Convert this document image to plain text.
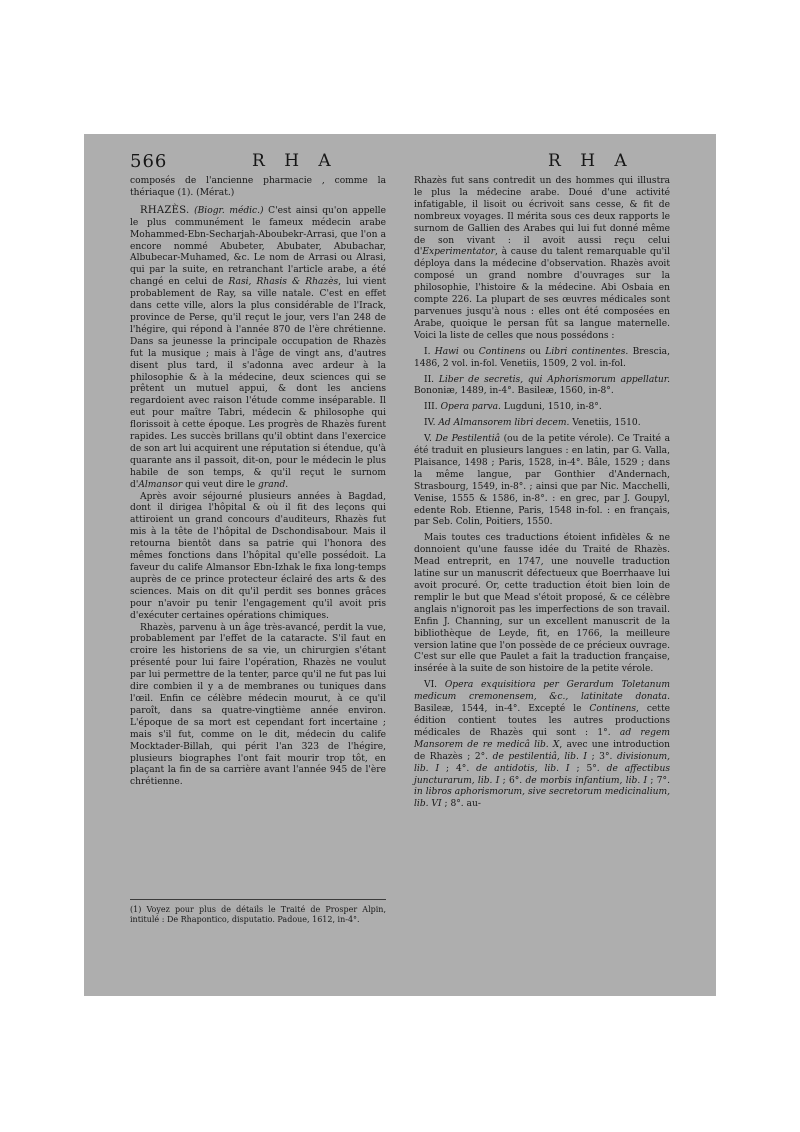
566	R H A	R H A

composés de l'ancienne pharmacie , comme la thériaque (1). (Mérat.)

RHAZÈS. (Biogr. médic.) C'est ainsi qu'on appelle le plus communément le fameux médecin arabe Mohammed-Ebn-Secharjah-Aboubekr-Arrasi, que l'on a encore nommé Abubeter, Abubater, Abubachar, Albubecar-Muhamed, &c. Le nom de Arrasi ou Alrasi, qui par la suite, en retranchant l'article arabe, a été changé en celui de Rasi, Rhasis & Rhazès, lui vient probablement de Ray, sa ville natale. C'est en effet dans cette ville, alors la plus considérable de l'Irack, province de Perse, qu'il reçut le jour, vers l'an 248 de l'hégire, qui répond à l'année 870 de l'ère chrétienne. Dans sa jeunesse la principale occupation de Rhazès fut la musique ; mais à l'âge de vingt ans, d'autres disent plus tard, il s'adonna avec ardeur à la philosophie & à la médecine, deux sciences qui se prêtent un mutuel appui, & dont les anciens regardoient avec raison l'étude comme inséparable. Il eut pour maître Tabri, médecin & philosophe qui florissoit à cette époque. Les progrès de Rhazès furent rapides. Les succès brillans qu'il obtint dans l'exercice de son art lui acquirent une réputation si étendue, qu'à quarante ans il passoit, dit-on, pour le médecin le plus habile de son temps, & qu'il reçut le surnom d'Almansor qui veut dire le grand.

Après avoir séjourné plusieurs années à Bagdad, dont il dirigea l'hôpital & où il fit des leçons qui attiroient un grand concours d'auditeurs, Rhazès fut mis à la tête de l'hôpital de Dschondisabour. Mais il retourna bientôt dans sa patrie qui l'honora des mêmes fonctions dans l'hôpital qu'elle possédoit. La faveur du calife Almansor Ebn-Izhak le fixa long-temps auprès de ce prince protecteur éclairé des arts & des sciences. Mais on dit qu'il perdit ses bonnes grâces pour n'avoir pu tenir l'engagement qu'il avoit pris d'exécuter certaines opérations chimiques.

Rhazès, parvenu à un âge très-avancé, perdit la vue, probablement par l'effet de la cataracte. S'il faut en croire les historiens de sa vie, un chirurgien s'étant présenté pour lui faire l'opération, Rhazès ne voulut par lui permettre de la tenter, parce qu'il ne fut pas lui dire combien il y a de membranes ou tuniques dans l'œil. Enfin ce célèbre médecin mourut, à ce qu'il paroît, dans sa quatre-vingtième année environ. L'époque de sa mort est cependant fort incertaine ; mais s'il fut, comme on le dit, médecin du calife Mocktader-Billah, qui périt l'an 323 de l'hégire, plusieurs biographes l'ont fait mourir trop tôt, en plaçant la fin de sa carrière avant l'année 945 de l'ère chrétienne.

Rhazès fut sans contredit un des hommes qui illustra le plus la médecine arabe. Doué d'une activité infatigable, il lisoit ou écrivoit sans cesse, & fit de nombreux voyages. Il mérita sous ces deux rapports le surnom de Gallien des Arabes qui lui fut donné même de son vivant : il avoit aussi reçu celui d'Experimentator, à cause du talent remarquable qu'il déploya dans la médecine d'observation. Rhazès avoit composé un grand nombre d'ouvrages sur la philosophie, l'histoire & la médecine. Abi Osbaia en compte 226. La plupart de ses œuvres médicales sont parvenues jusqu'à nous : elles ont été composées en Arabe, quoique le persan fût sa langue maternelle. Voici la liste de celles que nous possédons :

I. Hawi ou Continens ou Libri continentes. Brescia, 1486, 2 vol. in-fol. Venetiis, 1509, 2 vol. in-fol.

II. Liber de secretis, qui Aphorismorum appellatur. Bononiæ, 1489, in-4°. Basileæ, 1560, in-8°.

III. Opera parva. Lugduni, 1510, in-8°.

IV. Ad Almansorem libri decem. Venetiis, 1510.

V. De Pestilentiâ (ou de la petite vérole). Ce Traité a été traduit en plusieurs langues : en latin, par G. Valla, Plaisance, 1498 ; Paris, 1528, in-4°. Bâle, 1529 ; dans la même langue, par Gonthier d'Andernach, Strasbourg, 1549, in-8°. ; ainsi que par Nic. Macchelli, Venise, 1555 & 1586, in-8°. : en grec, par J. Goupyl, edente Rob. Etienne, Paris, 1548 in-fol. : en français, par Seb. Colin, Poitiers, 1550.

Mais toutes ces traductions étoient infidèles & ne donnoient qu'une fausse idée du Traité de Rhazès. Mead entreprit, en 1747, une nouvelle traduction latine sur un manuscrit défectueux que Boerrhaave lui avoit procuré. Or, cette traduction étoit bien loin de remplir le but que Mead s'étoit proposé, & ce célèbre anglais n'ignoroit pas les imperfections de son travail. Enfin J. Channing, sur un excellent manuscrit de la bibliothèque de Leyde, fit, en 1766, la meilleure version latine que l'on possède de ce précieux ouvrage. C'est sur elle que Paulet a fait la traduction française, insérée à la suite de son histoire de la petite vérole.

VI. Opera exquisitiora per Gerardum Toletanum medicum cremonensem, &c., latinitate donata. Basileæ, 1544, in-4°. Excepté le Continens, cette édition contient toutes les autres productions médicales de Rhazès qui sont : 1°. ad regem Mansorem de re medicâ lib. X, avec une introduction de Rhazès ; 2°. de pestilentiâ, lib. I ; 3°. divisionum, lib. I ; 4°. de antidotis, lib. I ; 5°. de affectibus juncturarum, lib. I ; 6°. de morbis infantium, lib. I ; 7°. in libros aphorismorum, sive secretorum medicinalium, lib. VI ; 8°. au-

(1) Voyez pour plus de détails le Traité de Prosper Alpin, intitulé : De Rhapontico, disputatio. Padoue, 1612, in-4°.
